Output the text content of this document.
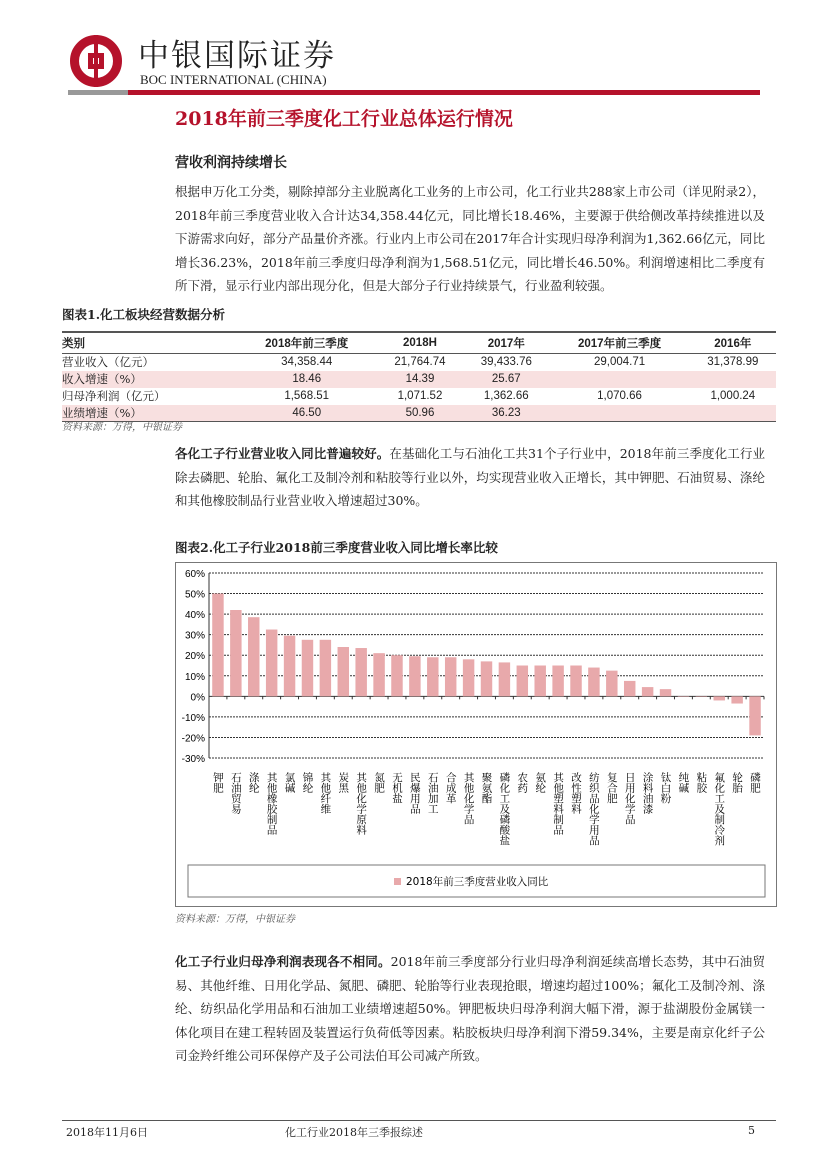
中银国际证券
BOC INTERNATIONAL (CHINA)
2018年前三季度化工行业总体运行情况
营收利润持续增长
根据申万化工分类，剔除掉部分主业脱离化工业务的上市公司，化工行业共288家上市公司（详见附录2），2018年前三季度营业收入合计达34,358.44亿元，同比增长18.46%，主要源于供给侧改革持续推进以及下游需求向好，部分产品量价齐涨。行业内上市公司在2017年合计实现归母净利润为1,362.66亿元，同比增长36.23%，2018年前三季度归母净利润为1,568.51亿元，同比增长46.50%。利润增速相比二季度有所下滑，显示行业内部出现分化，但是大部分子行业持续景气，行业盈利较强。
图表1.化工板块经营数据分析
类别	2018年前三季度	2018H	2017年	2017年前三季度	2016年
营业收入（亿元）	34,358.44	21,764.74	39,433.76	29,004.71	31,378.99
收入增速（%）	18.46	14.39	25.67		
归母净利润（亿元）	1,568.51	1,071.52	1,362.66	1,070.66	1,000.24
业绩增速（%）	46.50	50.96	36.23		
资料来源：万得，中银证券
各化工子行业营业收入同比普遍较好。在基础化工与石油化工共31个子行业中，2018年前三季度化工行业除去磷肥、轮胎、氟化工及制冷剂和粘胶等行业以外，均实现营业收入正增长，其中钾肥、石油贸易、涤纶和其他橡胶制品行业营业收入增速超过30%。
图表2.化工子行业2018前三季度营业收入同比增长率比较
60%
50%
40%
30%
20%
10%
0%
-10%
-20%
-30%
钾肥 石油贸易 涤纶 其他橡胶制品 氯碱 锦纶 其他纤维 炭黑 其他化学原料 氮肥 无机盐 民爆用品 石油加工 合成革 其他化学品 聚氨酯 磷化工及磷酸盐 农药 氨纶 其他塑料制品 改性塑料 纺织品化学用品 复合肥 日用化学品 涂料油漆 钛白粉 纯碱 粘胶 氟化工及制冷剂 轮胎 磷肥
2018年前三季度营业收入同比
资料来源：万得，中银证券
化工子行业归母净利润表现各不相同。2018年前三季度部分行业归母净利润延续高增长态势，其中石油贸易、其他纤维、日用化学品、氮肥、磷肥、轮胎等行业表现抢眼，增速均超过100%；氟化工及制冷剂、涤纶、纺织品化学用品和石油加工业绩增速超50%。钾肥板块归母净利润大幅下滑，源于盐湖股份金属镁一体化项目在建工程转固及装置运行负荷低等因素。粘胶板块归母净利润下滑59.34%，主要是南京化纤子公司金羚纤维公司环保停产及子公司法伯耳公司减产所致。
2018年11月6日	化工行业2018年三季报综述	5
